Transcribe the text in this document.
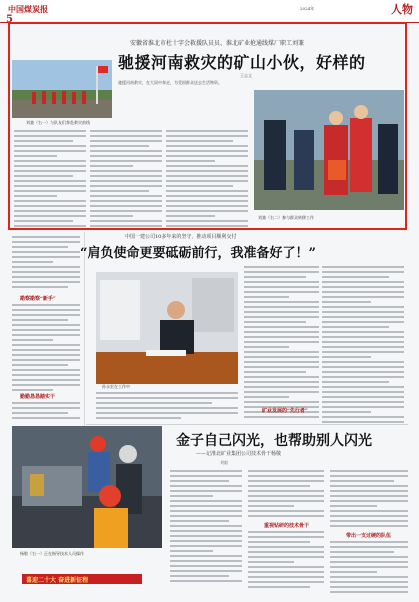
中国煤炭报
5
2024年	人物
安徽省淮北市杜十字会救援队员员、淮北矿业抢通线煤厂职工刘兼
驰援河南救灾的矿山小伙，好样的
王志文
刘兼（右一）与队友们奔赴救灾前线
驰援河南救灾，在大雨中奔走，为受困群众送去生活物资。
刘兼（右二）参与群众转移工作
中国一建公司10多年来的坚守，推动项目顺利交付
“肩负使命更要砥砺前行，我准备好了！”
勘察勘察“新手”
勤勤恳恳踏实干
孙永宏在工作中
矿业发展的“先行者”
金子自己闪光，也帮助别人闪光
——记准北矿业集团公司技术骨干杨敬
刘毅
杨敬（右一）正在指导技术人员操作
重视钻研的技术骨干
带出一支过硬的队伍
喜迎二十大 奋进新征程
